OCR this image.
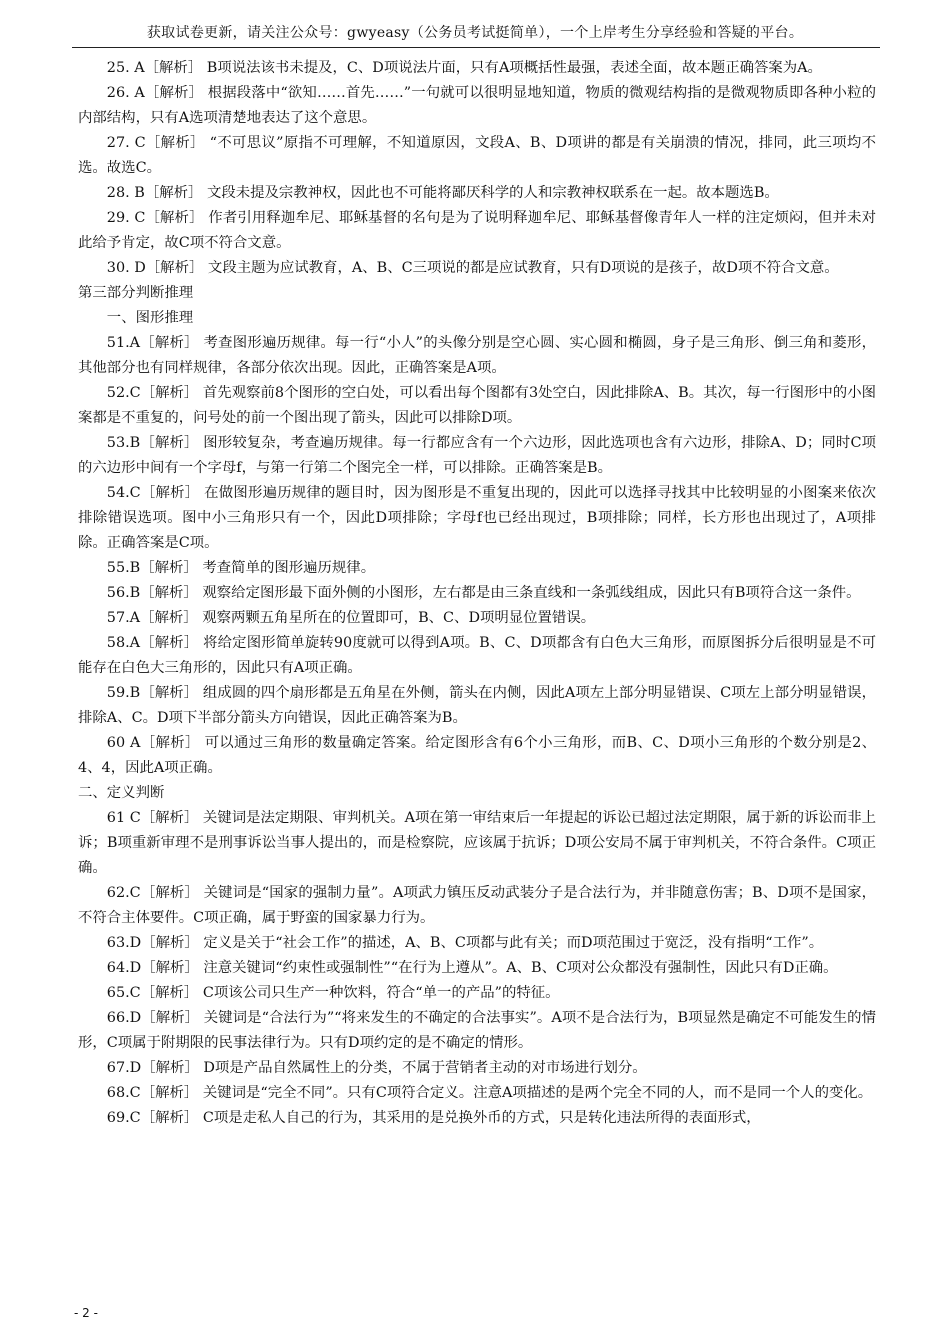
获取试卷更新，请关注公众号：gwyeasy（公务员考试挺简单），一个上岸考生分享经验和答疑的平台。

25. A［解析］ B项说法该书未提及，C、D项说法片面，只有A项概括性最强，表述全面，故本题正确答案为A。

26. A［解析］ 根据段落中“欲知……首先……”一句就可以很明显地知道，物质的微观结构指的是微观物质即各种小粒的内部结构，只有A选项清楚地表达了这个意思。

27. C［解析］ “不可思议”原指不可理解，不知道原因，文段A、B、D项讲的都是有关崩溃的情况，排同，此三项均不选。故选C。

28. B［解析］ 文段未提及宗教神权，因此也不可能将鄙厌科学的人和宗教神权联系在一起。故本题选B。

29. C［解析］ 作者引用释迦牟尼、耶稣基督的名句是为了说明释迦牟尼、耶稣基督像青年人一样的注定烦闷，但并未对此给予肯定，故C项不符合文意。

30. D［解析］ 文段主题为应试教育，A、B、C三项说的都是应试教育，只有D项说的是孩子，故D项不符合文意。

第三部分判断推理

一、图形推理

51.A［解析］ 考查图形遍历规律。每一行“小人”的头像分别是空心圆、实心圆和椭圆，身子是三角形、倒三角和菱形，其他部分也有同样规律，各部分依次出现。因此，正确答案是A项。

52.C［解析］ 首先观察前8个图形的空白处，可以看出每个图都有3处空白，因此排除A、B。其次，每一行图形中的小图案都是不重复的，问号处的前一个图出现了箭头，因此可以排除D项。

53.B［解析］ 图形较复杂，考查遍历规律。每一行都应含有一个六边形，因此选项也含有六边形，排除A、D；同时C项的六边形中间有一个字母f，与第一行第二个图完全一样，可以排除。正确答案是B。

54.C［解析］ 在做图形遍历规律的题目时，因为图形是不重复出现的，因此可以选择寻找其中比较明显的小图案来依次排除错误选项。图中小三角形只有一个，因此D项排除；字母f也已经出现过，B项排除；同样，长方形也出现过了，A项排除。正确答案是C项。

55.B［解析］ 考查简单的图形遍历规律。

56.B［解析］ 观察给定图形最下面外侧的小图形，左右都是由三条直线和一条弧线组成，因此只有B项符合这一条件。

57.A［解析］ 观察两颗五角星所在的位置即可，B、C、D项明显位置错误。

58.A［解析］ 将给定图形简单旋转90度就可以得到A项。B、C、D项都含有白色大三角形，而原图拆分后很明显是不可能存在白色大三角形的，因此只有A项正确。

59.B［解析］ 组成圆的四个扇形都是五角星在外侧，箭头在内侧，因此A项左上部分明显错误、C项左上部分明显错误，排除A、C。D项下半部分箭头方向错误，因此正确答案为B。

60 A［解析］ 可以通过三角形的数量确定答案。给定图形含有6个小三角形，而B、C、D项小三角形的个数分别是2、4、4，因此A项正确。

二、定义判断

61 C［解析］ 关键词是法定期限、审判机关。A项在第一审结束后一年提起的诉讼已超过法定期限，属于新的诉讼而非上诉；B项重新审理不是刑事诉讼当事人提出的，而是检察院，应该属于抗诉；D项公安局不属于审判机关，不符合条件。C项正确。

62.C［解析］ 关键词是“国家的强制力量”。A项武力镇压反动武装分子是合法行为，并非随意伤害；B、D项不是国家，不符合主体要件。C项正确，属于野蛮的国家暴力行为。

63.D［解析］ 定义是关于“社会工作”的描述，A、B、C项都与此有关；而D项范围过于宽泛，没有指明“工作”。

64.D［解析］ 注意关键词“约束性或强制性”“在行为上遵从”。A、B、C项对公众都没有强制性，因此只有D正确。

65.C［解析］ C项该公司只生产一种饮料，符合“单一的产品”的特征。

66.D［解析］ 关键词是“合法行为”“将来发生的不确定的合法事实”。A项不是合法行为，B项显然是确定不可能发生的情形，C项属于附期限的民事法律行为。只有D项约定的是不确定的情形。

67.D［解析］ D项是产品自然属性上的分类，不属于营销者主动的对市场进行划分。

68.C［解析］ 关键词是“完全不同”。只有C项符合定义。注意A项描述的是两个完全不同的人，而不是同一个人的变化。

69.C［解析］ C项是走私人自己的行为，其采用的是兑换外币的方式，只是转化违法所得的表面形式，

- 2 -
